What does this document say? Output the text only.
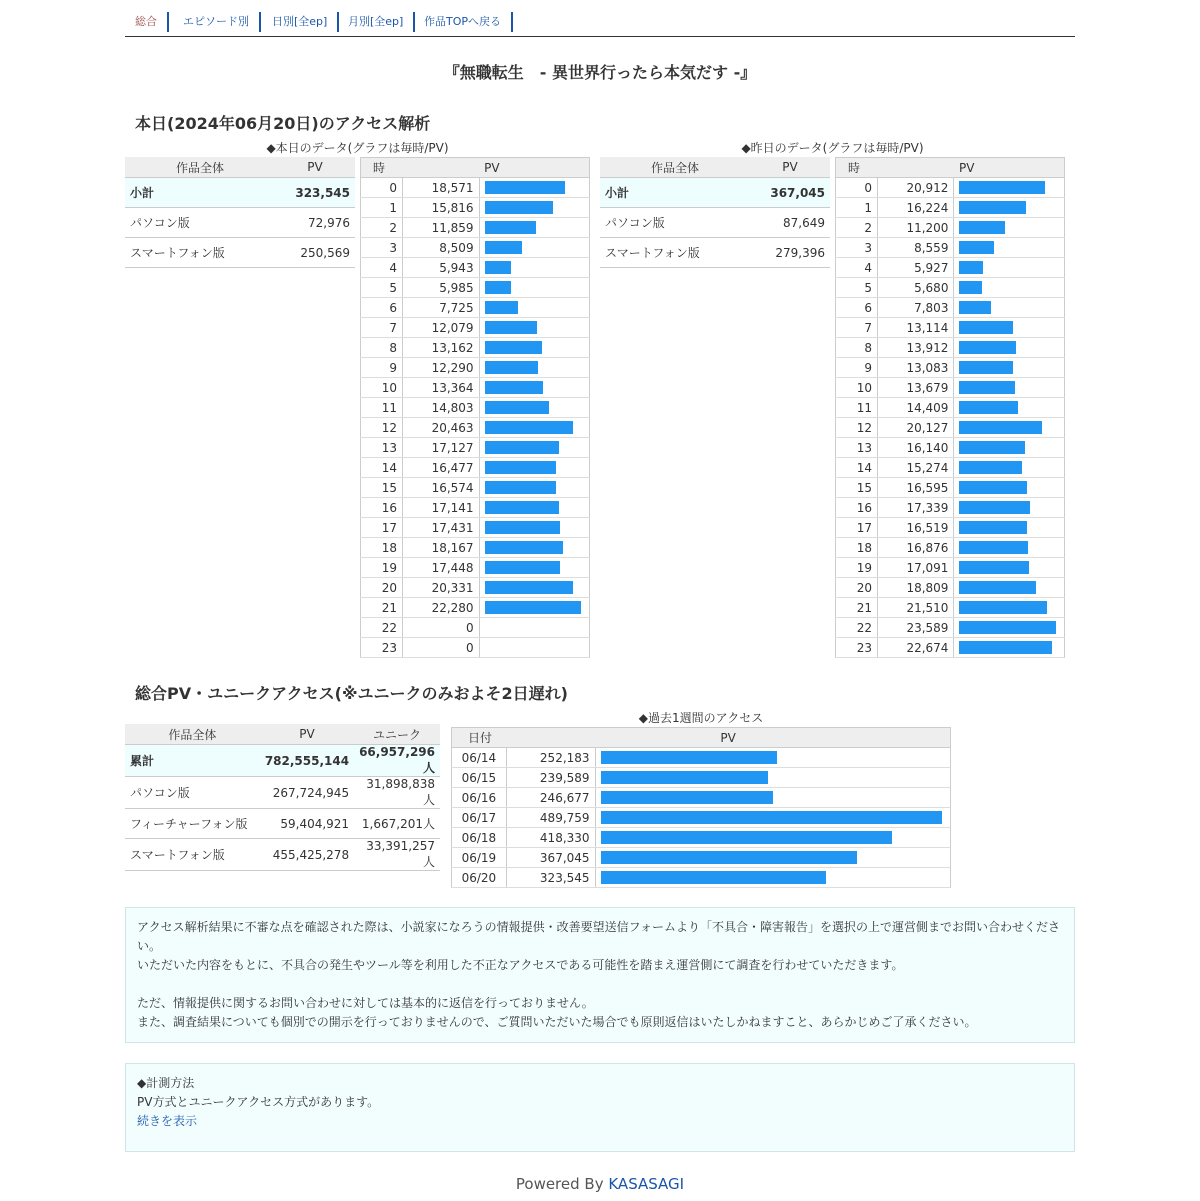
総合	エピソード別	日別[全ep]	月別[全ep]	作品TOPへ戻る
『無職転生　- 異世界行ったら本気だす -』
本日(2024年06月20日)のアクセス解析
◆本日のデータ(グラフは毎時/PV)	◆昨日のデータ(グラフは毎時/PV)
作品全体	PV
小計	323,545
パソコン版	72,976
スマートフォン版	250,569
時		PV
0	18,571	

1	15,816	

2	11,859	

3	8,509	

4	5,943	

5	5,985	

6	7,725	

7	12,079	

8	13,162	

9	12,290	

10	13,364	

11	14,803	

12	20,463	

13	17,127	

14	16,477	

15	16,574	

16	17,141	

17	17,431	

18	18,167	

19	17,448	

20	20,331	

21	22,280	

22	0	
23	0	
作品全体	PV
小計	367,045
パソコン版	87,649
スマートフォン版	279,396
時		PV
0	20,912	

1	16,224	

2	11,200	

3	8,559	

4	5,927	

5	5,680	

6	7,803	

7	13,114	

8	13,912	

9	13,083	

10	13,679	

11	14,409	

12	20,127	

13	16,140	

14	15,274	

15	16,595	

16	17,339	

17	16,519	

18	16,876	

19	17,091	

20	18,809	

21	21,510	

22	23,589	

23	22,674	
総合PV・ユニークアクセス(※ユニークのみおよそ2日遅れ)
作品全体	PV	ユニーク
累計	782,555,144	66,957,296人
パソコン版	267,724,945	31,898,838人
フィーチャーフォン版	59,404,921	1,667,201人
スマートフォン版	455,425,278	33,391,257人
◆過去1週間のアクセス
日付	PV	
06/14	252,183	

06/15	239,589	

06/16	246,677	

06/17	489,759	

06/18	418,330	

06/19	367,045	

06/20	323,545	

アクセス解析結果に不審な点を確認された際は、小説家になろうの情報提供・改善要望送信フォームより「不具合・障害報告」を選択の上で運営側までお問い合わせください。

いただいた内容をもとに、不具合の発生やツール等を利用した不正なアクセスである可能性を踏まえ運営側にて調査を行わせていただきます。

ただ、情報提供に関するお問い合わせに対しては基本的に返信を行っておりません。

また、調査結果についても個別での開示を行っておりませんので、ご質問いただいた場合でも原則返信はいたしかねますこと、あらかじめご了承ください。

◆計測方法

PV方式とユニークアクセス方式があります。

続きを表示

Powered By KASASAGI
